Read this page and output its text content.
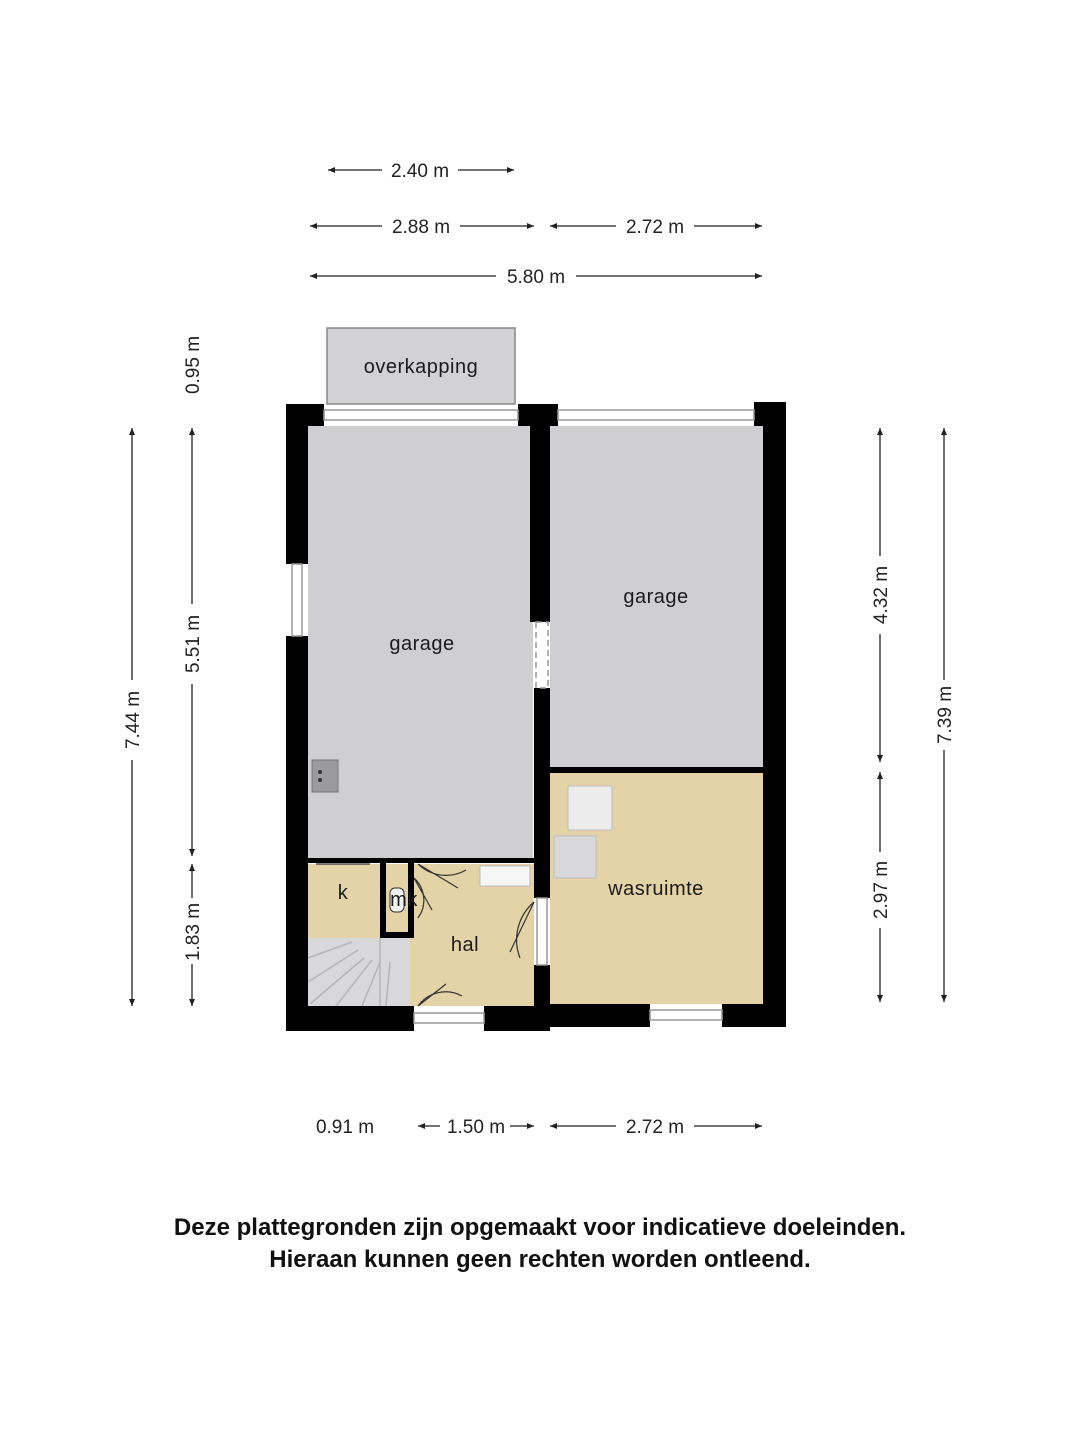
overkapping
garage
garage
wasruimte
k mk
hal
2.40 m
2.88 m	2.72 m
5.80 m
0.95 m
7.44 m
5.51 m
1.83 m
4.32 m
7.39 m
2.97 m
0.91 m	1.50 m	2.72 m
Deze plattegronden zijn opgemaakt voor indicatieve doeleinden.
Hieraan kunnen geen rechten worden ontleend.
